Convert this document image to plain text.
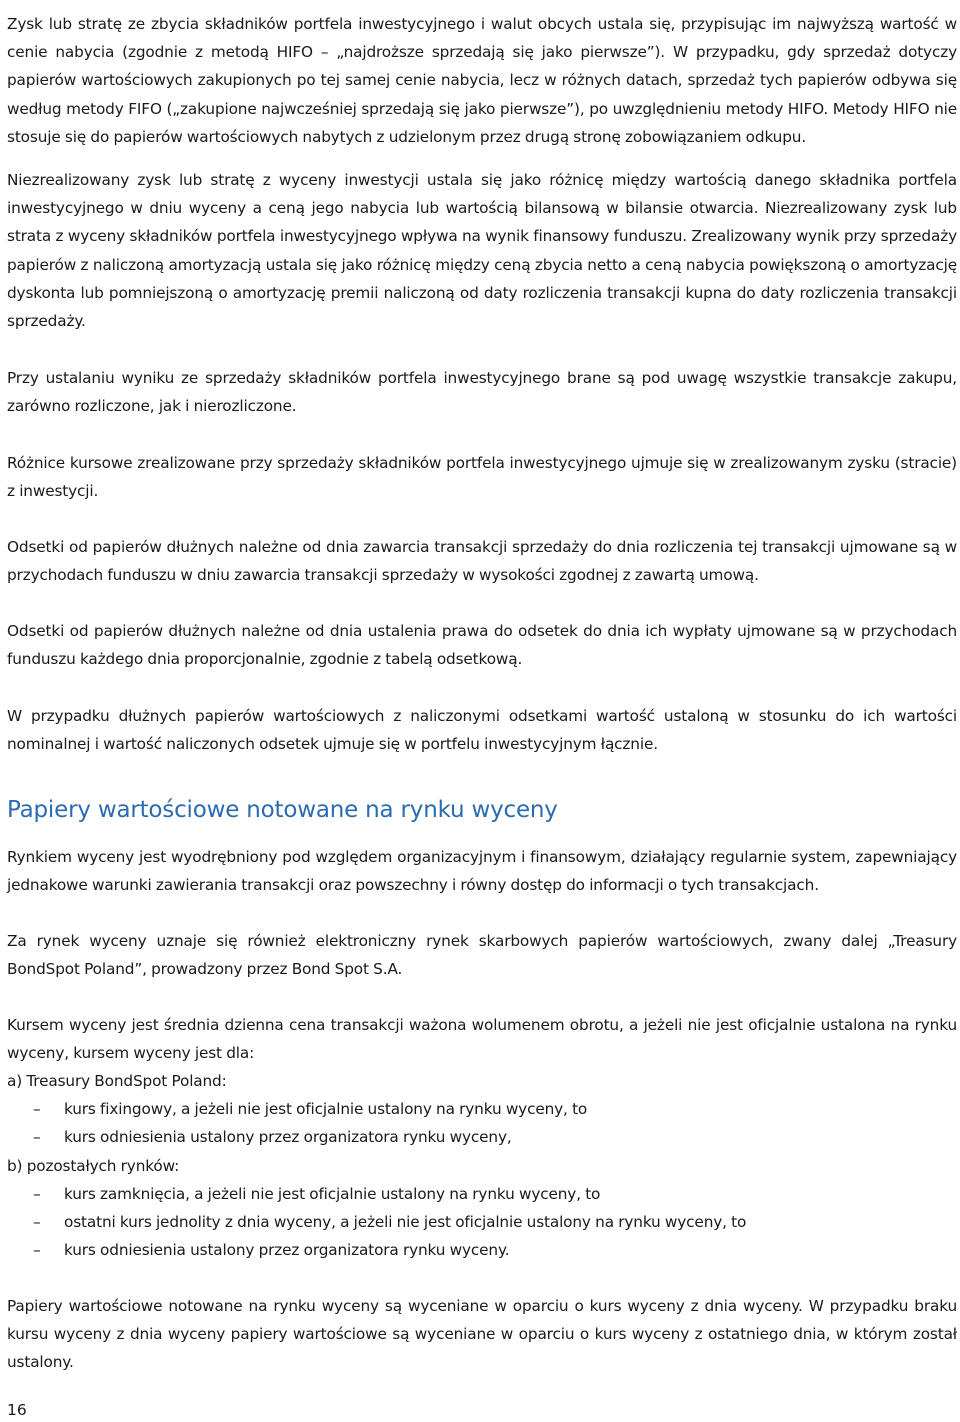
Zysk lub stratę ze zbycia składników portfela inwestycyjnego i walut obcych ustala się, przypisując im najwyższą wartość w cenie nabycia (zgodnie z metodą HIFO – „najdroższe sprzedają się jako pierwsze”). W przypadku, gdy sprzedaż dotyczy papierów wartościowych zakupionych po tej samej cenie nabycia, lecz w różnych datach, sprzedaż tych papierów odbywa się według metody FIFO („zakupione najwcześniej sprzedają się jako pierwsze”), po uwzględnieniu metody HIFO. Metody HIFO nie stosuje się do papierów wartościowych nabytych z udzielonym przez drugą stronę zobowiązaniem odkupu.

Niezrealizowany zysk lub stratę z wyceny inwestycji ustala się jako różnicę między wartością danego składnika portfela inwestycyjnego w dniu wyceny a ceną jego nabycia lub wartością bilansową w bilansie otwarcia. Niezrealizowany zysk lub strata z wyceny składników portfela inwestycyjnego wpływa na wynik finansowy funduszu. Zrealizowany wynik przy sprzedaży papierów z naliczoną amortyzacją ustala się jako różnicę między ceną zbycia netto a ceną nabycia powiększoną o amortyzację dyskonta lub pomniejszoną o amortyzację premii naliczoną od daty rozliczenia transakcji kupna do daty rozliczenia transakcji sprzedaży.

Przy ustalaniu wyniku ze sprzedaży składników portfela inwestycyjnego brane są pod uwagę wszystkie transakcje zakupu, zarówno rozliczone, jak i nierozliczone.

Różnice kursowe zrealizowane przy sprzedaży składników portfela inwestycyjnego ujmuje się w zrealizowanym zysku (stracie) z inwestycji.

Odsetki od papierów dłużnych należne od dnia zawarcia transakcji sprzedaży do dnia rozliczenia tej transakcji ujmowane są w przychodach funduszu w dniu zawarcia transakcji sprzedaży w wysokości zgodnej z zawartą umową.

Odsetki od papierów dłużnych należne od dnia ustalenia prawa do odsetek do dnia ich wypłaty ujmowane są w przychodach funduszu każdego dnia proporcjonalnie, zgodnie z tabelą odsetkową.

W przypadku dłużnych papierów wartościowych z naliczonymi odsetkami wartość ustaloną w stosunku do ich wartości nominalnej i wartość naliczonych odsetek ujmuje się w portfelu inwestycyjnym łącznie.

Papiery wartościowe notowane na rynku wyceny

Rynkiem wyceny jest wyodrębniony pod względem organizacyjnym i finansowym, działający regularnie system, zapewniający jednakowe warunki zawierania transakcji oraz powszechny i równy dostęp do informacji o tych transakcjach.

Za rynek wyceny uznaje się również elektroniczny rynek skarbowych papierów wartościowych, zwany dalej „Treasury BondSpot Poland”, prowadzony przez Bond Spot S.A.

Kursem wyceny jest średnia dzienna cena transakcji ważona wolumenem obrotu, a jeżeli nie jest oficjalnie ustalona na rynku wyceny, kursem wyceny jest dla:

a) Treasury BondSpot Poland:
–	kurs fixingowy, a jeżeli nie jest oficjalnie ustalony na rynku wyceny, to
–	kurs odniesienia ustalony przez organizatora rynku wyceny,
b) pozostałych rynków:
–	kurs zamknięcia, a jeżeli nie jest oficjalnie ustalony na rynku wyceny, to
–	ostatni kurs jednolity z dnia wyceny, a jeżeli nie jest oficjalnie ustalony na rynku wyceny, to
–	kurs odniesienia ustalony przez organizatora rynku wyceny.

Papiery wartościowe notowane na rynku wyceny są wyceniane w oparciu o kurs wyceny z dnia wyceny. W przypadku braku kursu wyceny z dnia wyceny papiery wartościowe są wyceniane w oparciu o kurs wyceny z ostatniego dnia, w którym został ustalony.

16
